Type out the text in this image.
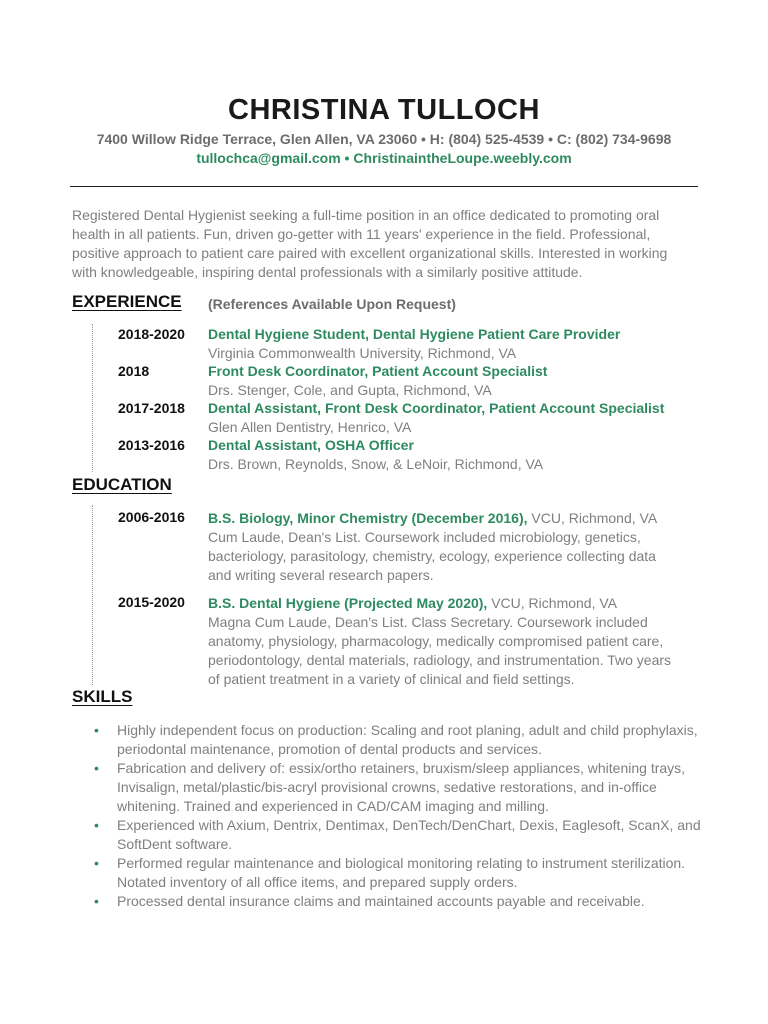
CHRISTINA TULLOCH
7400 Willow Ridge Terrace, Glen Allen, VA 23060 • H: (804) 525-4539 • C: (802) 734-9698
tullochca@gmail.com • ChristinaintheLoupe.weebly.com
Registered Dental Hygienist seeking a full-time position in an office dedicated to promoting oral health in all patients. Fun, driven go-getter with 11 years' experience in the field. Professional, positive approach to patient care paired with excellent organizational skills. Interested in working with knowledgeable, inspiring dental professionals with a similarly positive attitude.
EXPERIENCE (References Available Upon Request)
2018-2020 Dental Hygiene Student, Dental Hygiene Patient Care Provider
Virginia Commonwealth University, Richmond, VA
2018	Front Desk Coordinator, Patient Account Specialist
Drs. Stenger, Cole, and Gupta, Richmond, VA
2017-2018 Dental Assistant, Front Desk Coordinator, Patient Account Specialist
Glen Allen Dentistry, Henrico, VA
2013-2016 Dental Assistant, OSHA Officer
Drs. Brown, Reynolds, Snow, & LeNoir, Richmond, VA
EDUCATION
2006-2016 B.S. Biology, Minor Chemistry (December 2016), VCU, Richmond, VA
Cum Laude, Dean's List. Coursework included microbiology, genetics, bacteriology, parasitology, chemistry, ecology, experience collecting data and writing several research papers.
2015-2020 B.S. Dental Hygiene (Projected May 2020), VCU, Richmond, VA
Magna Cum Laude, Dean's List. Class Secretary. Coursework included anatomy, physiology, pharmacology, medically compromised patient care, periodontology, dental materials, radiology, and instrumentation. Two years of patient treatment in a variety of clinical and field settings.
SKILLS
• Highly independent focus on production: Scaling and root planing, adult and child prophylaxis, periodontal maintenance, promotion of dental products and services.
• Fabrication and delivery of: essix/ortho retainers, bruxism/sleep appliances, whitening trays, Invisalign, metal/plastic/bis-acryl provisional crowns, sedative restorations, and in-office whitening. Trained and experienced in CAD/CAM imaging and milling.
• Experienced with Axium, Dentrix, Dentimax, DenTech/DenChart, Dexis, Eaglesoft, ScanX, and SoftDent software.
• Performed regular maintenance and biological monitoring relating to instrument sterilization. Notated inventory of all office items, and prepared supply orders.
• Processed dental insurance claims and maintained accounts payable and receivable.
